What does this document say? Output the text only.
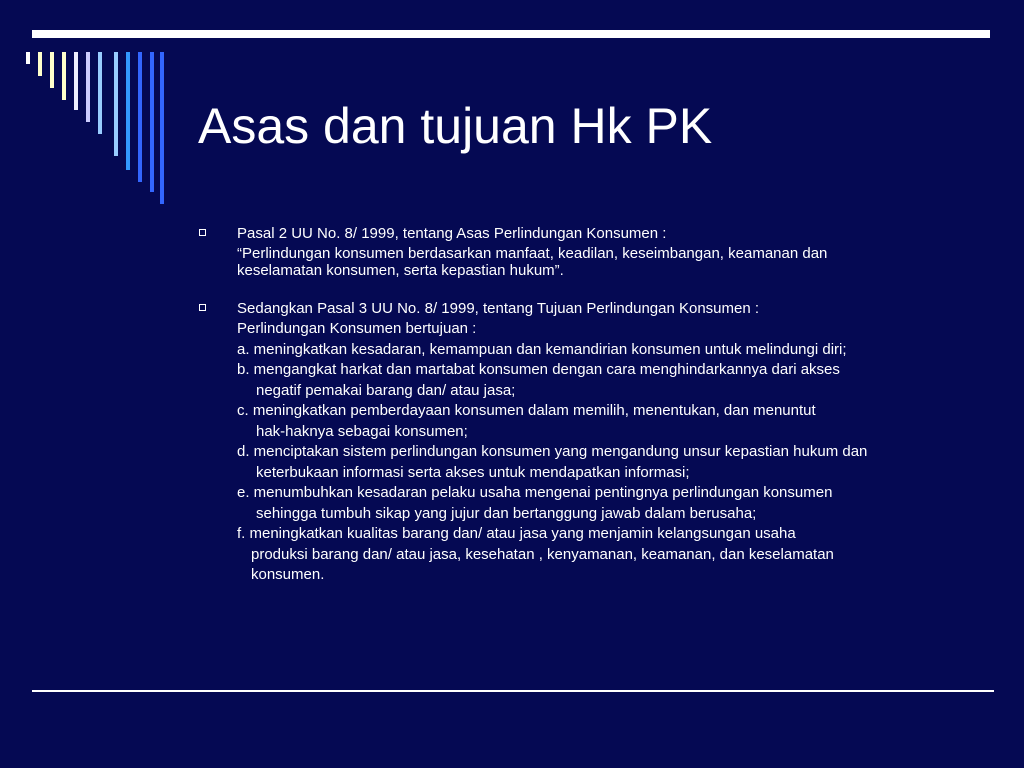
Asas dan tujuan Hk PK
Pasal 2 UU No. 8/ 1999, tentang Asas Perlindungan Konsumen :
“Perlindungan konsumen berdasarkan manfaat, keadilan, keseimbangan, keamanan dan
keselamatan konsumen, serta kepastian hukum”.
Sedangkan Pasal 3 UU No. 8/ 1999, tentang Tujuan Perlindungan Konsumen :
Perlindungan Konsumen bertujuan :
a. meningkatkan kesadaran, kemampuan dan kemandirian konsumen untuk melindungi diri;
b. mengangkat harkat dan martabat konsumen dengan cara menghindarkannya dari akses
negatif pemakai barang dan/ atau jasa;
c. meningkatkan pemberdayaan konsumen dalam memilih, menentukan, dan menuntut
hak-haknya sebagai konsumen;
d. menciptakan sistem perlindungan konsumen yang mengandung unsur kepastian hukum dan
keterbukaan informasi serta akses untuk mendapatkan informasi;
e. menumbuhkan kesadaran pelaku usaha mengenai pentingnya perlindungan konsumen
sehingga tumbuh sikap yang jujur dan bertanggung jawab dalam berusaha;
f. meningkatkan kualitas barang dan/ atau jasa yang menjamin kelangsungan usaha
produksi barang dan/ atau jasa, kesehatan , kenyamanan, keamanan, dan keselamatan
konsumen.
